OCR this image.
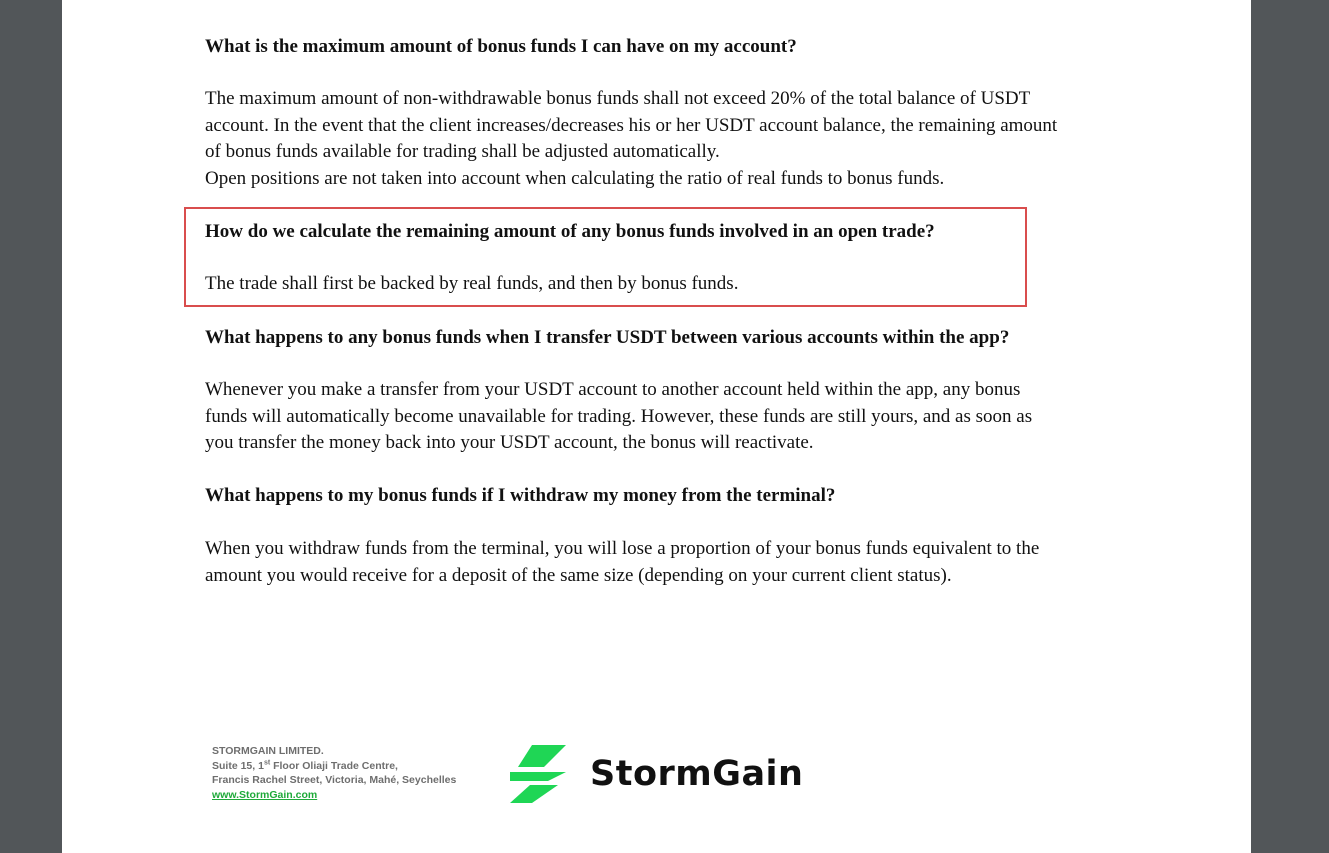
What is the maximum amount of bonus funds I can have on my account?
The maximum amount of non-withdrawable bonus funds shall not exceed 20% of the total balance of USDT
account. In the event that the client increases/decreases his or her USDT account balance, the remaining amount
of bonus funds available for trading shall be adjusted automatically.
Open positions are not taken into account when calculating the ratio of real funds to bonus funds.
How do we calculate the remaining amount of any bonus funds involved in an open trade?
The trade shall first be backed by real funds, and then by bonus funds.
What happens to any bonus funds when I transfer USDT between various accounts within the app?
Whenever you make a transfer from your USDT account to another account held within the app, any bonus
funds will automatically become unavailable for trading. However, these funds are still yours, and as soon as
you transfer the money back into your USDT account, the bonus will reactivate.
What happens to my bonus funds if I withdraw my money from the terminal?
When you withdraw funds from the terminal, you will lose a proportion of your bonus funds equivalent to the
amount you would receive for a deposit of the same size (depending on your current client status).
STORMGAIN LIMITED.
Suite 15, 1st Floor Oliaji Trade Centre,
Francis Rachel Street, Victoria, Mahé, Seychelles
www.StormGain.com
StormGain
